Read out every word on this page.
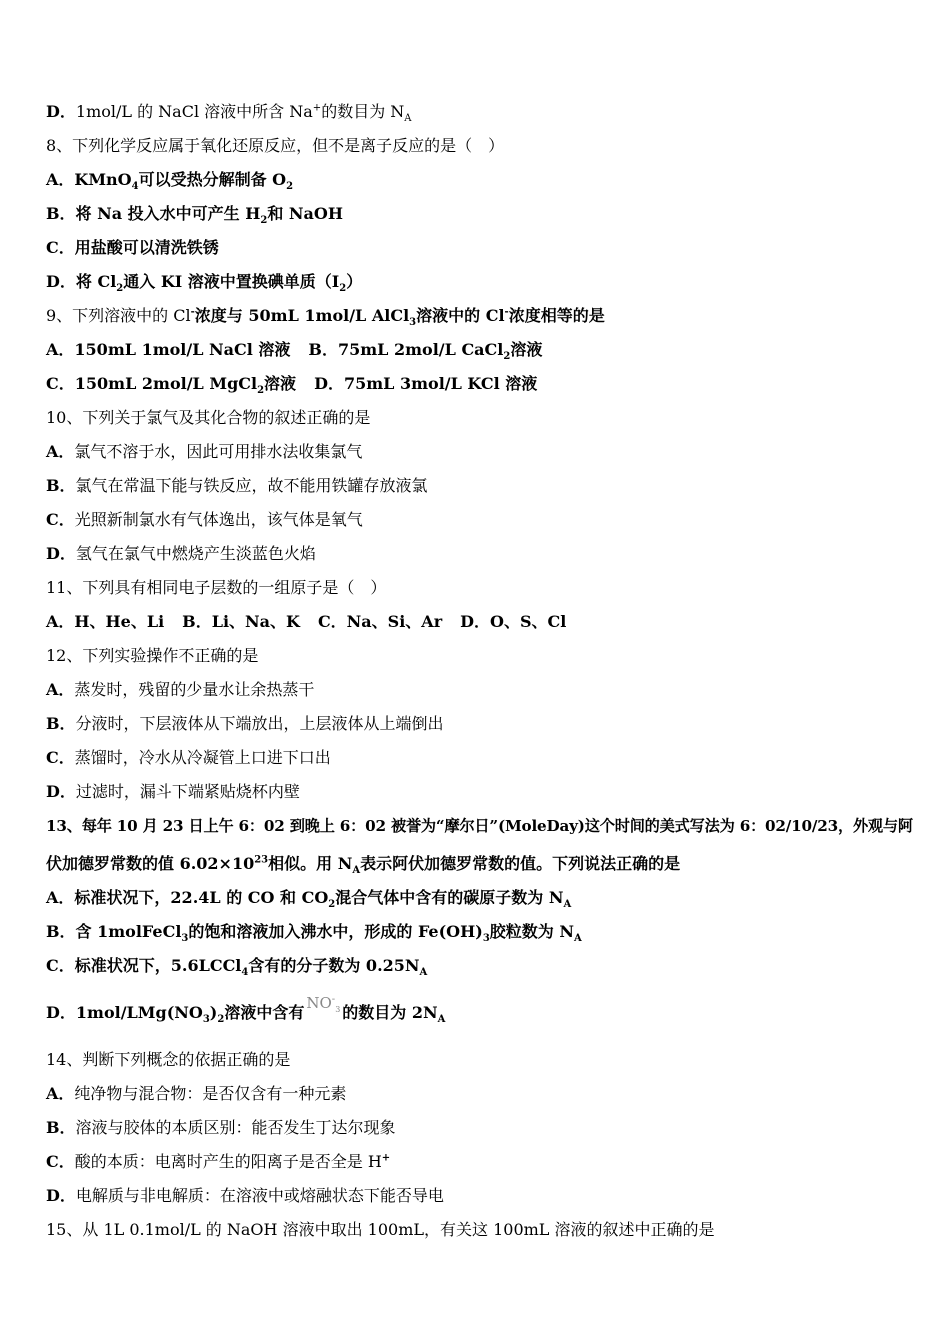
D．1mol/L 的 NaCl 溶液中所含 Na+的数目为 $N_A$
8、下列化学反应属于氧化还原反应，但不是离子反应的是（　）
A．KMnO$_4$可以受热分解制备 $O_2$
B．将 Na 投入水中可产生 $H_2$和 NaOH
C．用盐酸可以清洗铁锈
D．将 $Cl_2$通入 KI 溶液中置换碘单质$(I_2)$
9、下列溶液中的 Cl-浓度与 50mL 1mol/L AlCl$_3$溶液中的 Cl-浓度相等的是
A．150mL 1mol/L NaCl 溶液 B．75mL 2mol/L CaCl$_2$溶液
C．150mL 2mol/L MgCl$_2$溶液 D．75mL 3mol/L KCl 溶液
10、下列关于氯气及其化合物的叙述正确的是
A．氯气不溶于水，因此可用排水法收集氯气
B．氯气在常温下能与铁反应，故不能用铁罐存放液氯
C．光照新制氯水有气体逸出，该气体是氧气
D．氢气在氯气中燃烧产生淡蓝色火焰
11、下列具有相同电子层数的一组原子是（　）
A．H、He、Li B．Li、Na、K C．Na、Si、Ar D．O、S、Cl
12、下列实验操作不正确的是
A．蒸发时，残留的少量水让余热蒸干
B．分液时，下层液体从下端放出，上层液体从上端倒出
C．蒸馏时，冷水从冷凝管上口进下口出
D．过滤时，漏斗下端紧贴烧杯内壁
13、每年 10 月 23 日上午 6：02 到晚上 6：02 被誉为“摩尔日”(MoleDay)这个时间的美式写法为 6：02/10/23，外观与阿
伏加德罗常数的值 $6.02\times 10^{23}$相似。用 $N_A$表示阿伏加德罗常数的值。下列说法正确的是
A．标准状况下，22.4L 的 CO 和 $CO_2$混合气体中含有的碳原子数为 $N_A$
B．含 1molFeCl$_3$的饱和溶液加入沸水中，形成的 $Fe(OH)_3$胶粒数为 $N_A$
C．标准状况下，5.6LCCl$_4$含有的分子数为 $0.25N_A$
D．$1mol/LMg(NO_3)_2$溶液中含有 $NO^-_3$ 的数目为 $2N_A$
14、判断下列概念的依据正确的是
A．纯净物与混合物：是否仅含有一种元素
B．溶液与胶体的本质区别：能否发生丁达尔现象
C．酸的本质：电离时产生的阳离子是否全是 H+
D．电解质与非电解质：在溶液中或熔融状态下能否导电
15、从 1L 0.1mol/L 的 NaOH 溶液中取出 100mL，有关这 100mL 溶液的叙述中正确的是
